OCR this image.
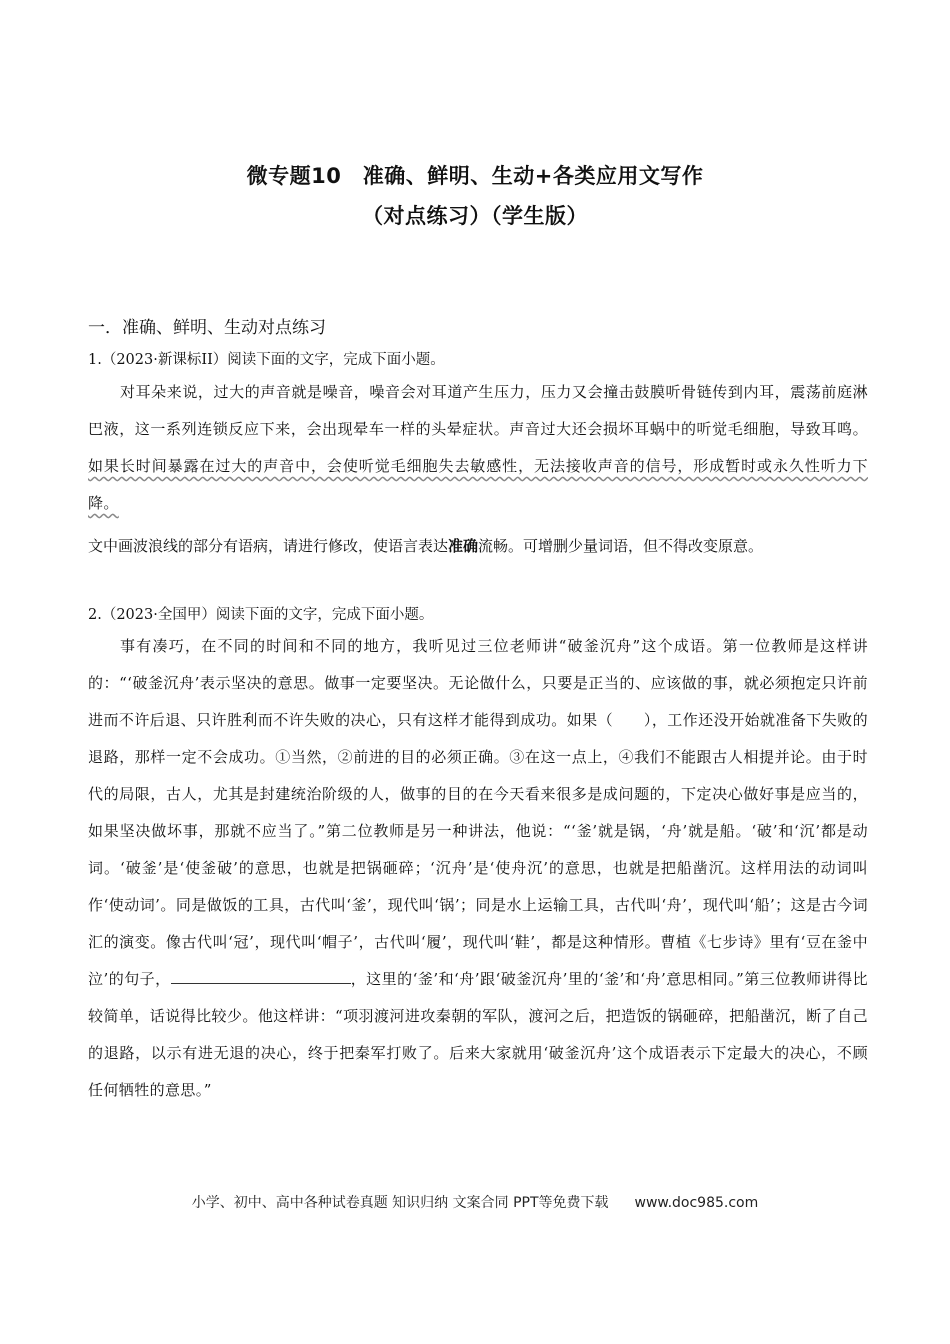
微专题10　准确、鲜明、生动+各类应用文写作
（对点练习）（学生版）
一．准确、鲜明、生动对点练习
1.（2023·新课标II）阅读下面的文字，完成下面小题。
对耳朵来说，过大的声音就是噪音，噪音会对耳道产生压力，压力又会撞击鼓膜听骨链传到内耳，震荡前庭淋巴液，这一系列连锁反应下来，会出现晕车一样的头晕症状。声音过大还会损坏耳蜗中的听觉毛细胞，导致耳鸣。如果长时间暴露在过大的声音中，会使听觉毛细胞失去敏感性，无法接收声音的信号，形成暂时或永久性听力下降。
文中画波浪线的部分有语病，请进行修改，使语言表达准确流畅。可增删少量词语，但不得改变原意。
2.（2023·全国甲）阅读下面的文字，完成下面小题。
事有凑巧，在不同的时间和不同的地方，我听见过三位老师讲“破釜沉舟”这个成语。第一位教师是这样讲的：“‘破釜沉舟’表示坚决的意思。做事一定要坚决。无论做什么，只要是正当的、应该做的事，就必须抱定只许前进而不许后退、只许胜利而不许失败的决心，只有这样才能得到成功。如果（　　），工作还没开始就准备下失败的退路，那样一定不会成功。①当然，②前进的目的必须正确。③在这一点上，④我们不能跟古人相提并论。由于时代的局限，古人，尤其是封建统治阶级的人，做事的目的在今天看来很多是成问题的，下定决心做好事是应当的，如果坚决做坏事，那就不应当了。”第二位教师是另一种讲法，他说：“‘釜’就是锅，‘舟’就是船。‘破’和‘沉’都是动词。‘破釜’是‘使釜破’的意思，也就是把锅砸碎；‘沉舟’是‘使舟沉’的意思，也就是把船凿沉。这样用法的动词叫作‘使动词’。同是做饭的工具，古代叫‘釜’，现代叫‘锅’；同是水上运输工具，古代叫‘舟’，现代叫‘船’；这是古今词汇的演变。像古代叫‘冠’，现代叫‘帽子’，古代叫‘履’，现代叫‘鞋’，都是这种情形。曹植《七步诗》里有‘豆在釜中泣’的句子，	，这里的‘釜’和‘舟’跟‘破釜沉舟’里的‘釜’和‘舟’意思相同。”第三位教师讲得比较简单，话说得比较少。他这样讲：“项羽渡河进攻秦朝的军队，渡河之后，把造饭的锅砸碎，把船凿沉，断了自己的退路，以示有进无退的决心，终于把秦军打败了。后来大家就用‘破釜沉舟’这个成语表示下定最大的决心，不顾任何牺牲的意思。”
小学、初中、高中各种试卷真题 知识归纳 文案合同 PPT等免费下载 www.doc985.com
